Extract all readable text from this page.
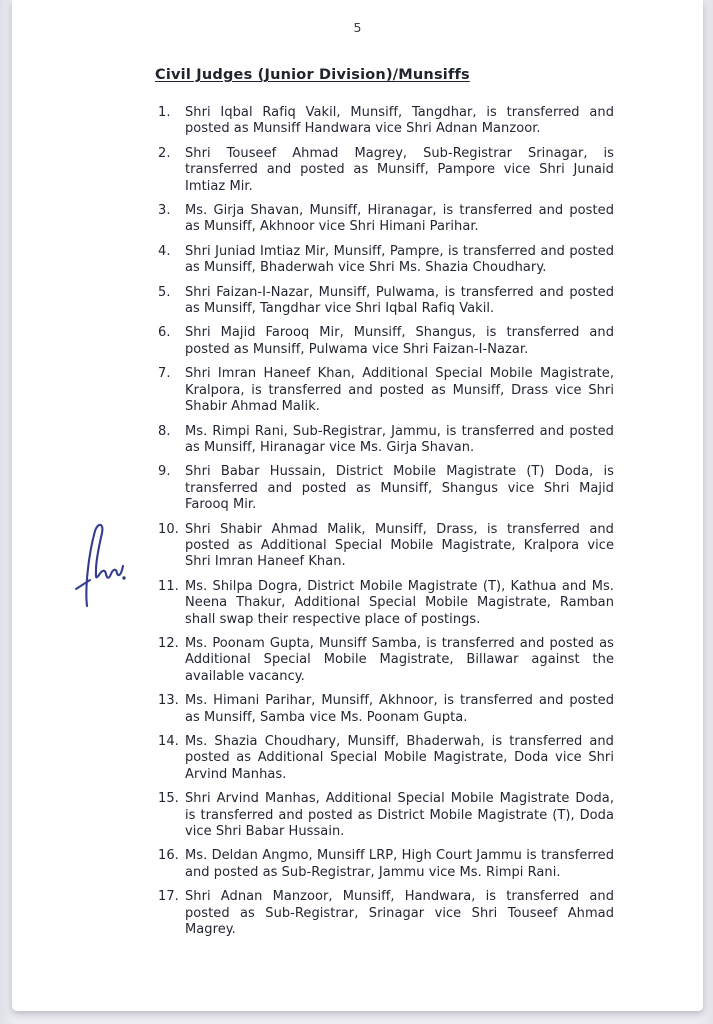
5
Civil Judges (Junior Division)/Munsiffs
1.	Shri Iqbal Rafiq Vakil, Munsiff, Tangdhar, is transferred and posted as Munsiff Handwara vice Shri Adnan Manzoor.
2.	Shri Touseef Ahmad Magrey, Sub-Registrar Srinagar, is transferred and posted as Munsiff, Pampore vice Shri Junaid Imtiaz Mir.
3.	Ms. Girja Shavan, Munsiff, Hiranagar, is transferred and posted as Munsiff, Akhnoor vice Shri Himani Parihar.
4.	Shri Juniad Imtiaz Mir, Munsiff, Pampre, is transferred and posted as Munsiff, Bhaderwah vice Shri Ms. Shazia Choudhary.
5.	Shri Faizan-I-Nazar, Munsiff, Pulwama, is transferred and posted as Munsiff, Tangdhar vice Shri Iqbal Rafiq Vakil.
6.	Shri Majid Farooq Mir, Munsiff, Shangus, is transferred and posted as Munsiff, Pulwama vice Shri Faizan-I-Nazar.
7.	Shri Imran Haneef Khan, Additional Special Mobile Magistrate, Kralpora, is transferred and posted as Munsiff, Drass vice Shri Shabir Ahmad Malik.
8.	Ms. Rimpi Rani, Sub-Registrar, Jammu, is transferred and posted as Munsiff, Hiranagar vice Ms. Girja Shavan.
9.	Shri Babar Hussain, District Mobile Magistrate (T) Doda, is transferred and posted as Munsiff, Shangus vice Shri Majid Farooq Mir.
10. Shri Shabir Ahmad Malik, Munsiff, Drass, is transferred and posted as Additional Special Mobile Magistrate, Kralpora vice Shri Imran Haneef Khan.
11. Ms. Shilpa Dogra, District Mobile Magistrate (T), Kathua and Ms. Neena Thakur, Additional Special Mobile Magistrate, Ramban shall swap their respective place of postings.
12. Ms. Poonam Gupta, Munsiff Samba, is transferred and posted as Additional Special Mobile Magistrate, Billawar against the available vacancy.
13. Ms. Himani Parihar, Munsiff, Akhnoor, is transferred and posted as Munsiff, Samba vice Ms. Poonam Gupta.
14. Ms. Shazia Choudhary, Munsiff, Bhaderwah, is transferred and posted as Additional Special Mobile Magistrate, Doda vice Shri Arvind Manhas.
15. Shri Arvind Manhas, Additional Special Mobile Magistrate Doda, is transferred and posted as District Mobile Magistrate (T), Doda vice Shri Babar Hussain.
16. Ms. Deldan Angmo, Munsiff LRP, High Court Jammu is transferred and posted as Sub-Registrar, Jammu vice Ms. Rimpi Rani.
17. Shri Adnan Manzoor, Munsiff, Handwara, is transferred and posted as Sub-Registrar, Srinagar vice Shri Touseef Ahmad Magrey.
